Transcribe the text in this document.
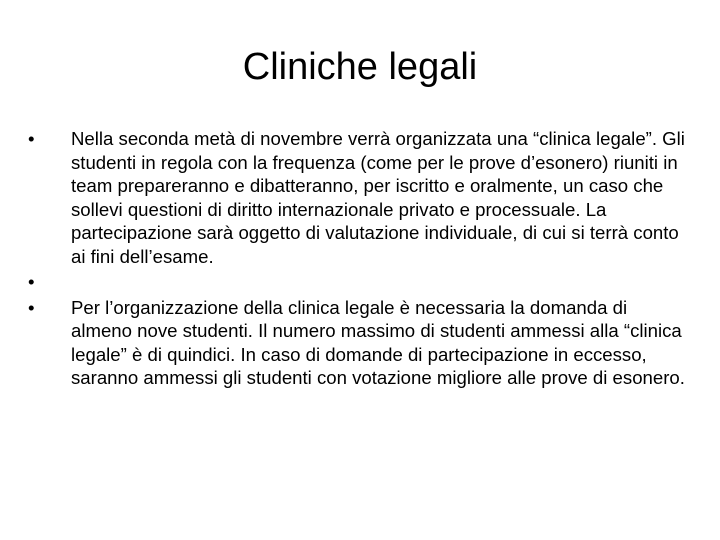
Cliniche legali
•	Nella seconda metà di novembre verrà organizzata una “clinica legale”. Gli studenti in regola con la frequenza (come per le prove d’esonero) riuniti in team prepareranno e dibatteranno, per iscritto e oralmente, un caso che sollevi questioni di diritto internazionale privato e processuale. La partecipazione sarà oggetto di valutazione individuale, di cui si terrà conto ai fini dell’esame.
•
•	Per l’organizzazione della clinica legale è necessaria la domanda di almeno nove studenti. Il numero massimo di studenti ammessi alla “clinica legale” è di quindici. In caso di domande di partecipazione in eccesso, saranno ammessi gli studenti con votazione migliore alle prove di esonero.
